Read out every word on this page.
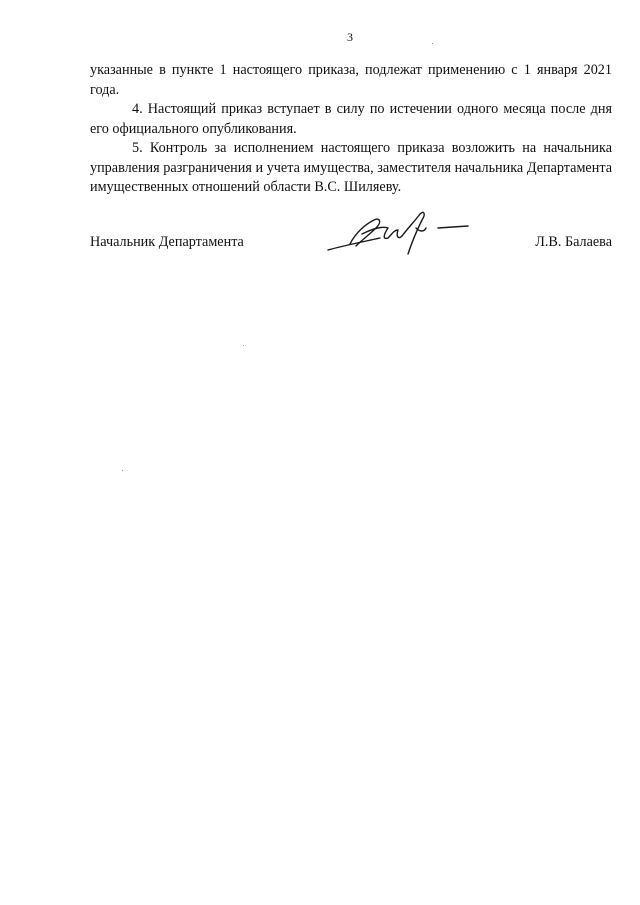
3

указанные в пункте 1 настоящего приказа, подлежат применению с 1 января 2021 года.

4. Настоящий приказ вступает в силу по истечении одного месяца после дня его официального опубликования.

5. Контроль за исполнением настоящего приказа возложить на начальника управления разграничения и учета имущества, заместителя начальника Департамента имущественных отношений области В.С. Шиляеву.

Начальник Департамента	Л.В. Балаева
